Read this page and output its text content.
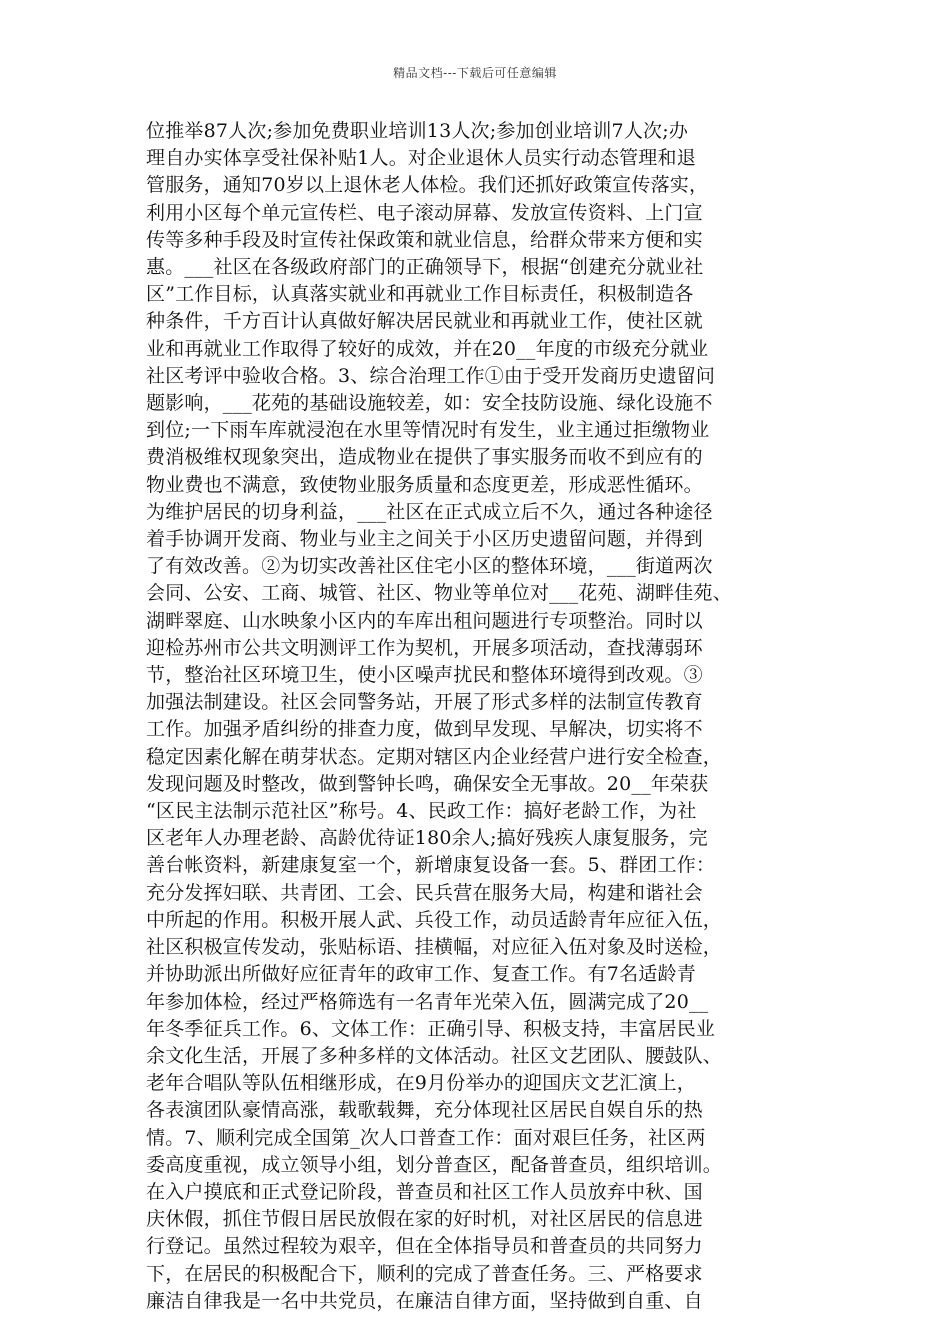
精品文档---下载后可任意编辑
位推举87人次;参加免费职业培训13人次;参加创业培训7人次;办
理自办实体享受社保补贴1人。对企业退休人员实行动态管理和退
管服务，通知70岁以上退休老人体检。我们还抓好政策宣传落实，
利用小区每个单元宣传栏、电子滚动屏幕、发放宣传资料、上门宣
传等多种手段及时宣传社保政策和就业信息，给群众带来方便和实
惠。___社区在各级政府部门的正确领导下，根据“创建充分就业社
区”工作目标，认真落实就业和再就业工作目标责任，积极制造各
种条件，千方百计认真做好解决居民就业和再就业工作，使社区就
业和再就业工作取得了较好的成效，并在20__年度的市级充分就业
社区考评中验收合格。3、综合治理工作①由于受开发商历史遗留问
题影响，___花苑的基础设施较差，如：安全技防设施、绿化设施不
到位;一下雨车库就浸泡在水里等情况时有发生，业主通过拒缴物业
费消极维权现象突出，造成物业在提供了事实服务而收不到应有的
物业费也不满意，致使物业服务质量和态度更差，形成恶性循环。
为维护居民的切身利益，___社区在正式成立后不久，通过各种途径
着手协调开发商、物业与业主之间关于小区历史遗留问题，并得到
了有效改善。②为切实改善社区住宅小区的整体环境，___街道两次
会同、公安、工商、城管、社区、物业等单位对___花苑、湖畔佳苑、
湖畔翠庭、山水映象小区内的车库出租问题进行专项整治。同时以
迎检苏州市公共文明测评工作为契机，开展多项活动，查找薄弱环
节，整治社区环境卫生，使小区噪声扰民和整体环境得到改观。③
加强法制建设。社区会同警务站，开展了形式多样的法制宣传教育
工作。加强矛盾纠纷的排查力度，做到早发现、早解决，切实将不
稳定因素化解在萌芽状态。定期对辖区内企业经营户进行安全检查，
发现问题及时整改，做到警钟长鸣，确保安全无事故。20__年荣获
“区民主法制示范社区”称号。4、民政工作：搞好老龄工作，为社
区老年人办理老龄、高龄优待证180余人;搞好残疾人康复服务，完
善台帐资料，新建康复室一个，新增康复设备一套。5、群团工作：
充分发挥妇联、共青团、工会、民兵营在服务大局，构建和谐社会
中所起的作用。积极开展人武、兵役工作，动员适龄青年应征入伍，
社区积极宣传发动，张贴标语、挂横幅，对应征入伍对象及时送检，
并协助派出所做好应征青年的政审工作、复查工作。有7名适龄青
年参加体检，经过严格筛选有一名青年光荣入伍，圆满完成了20__
年冬季征兵工作。6、文体工作：正确引导、积极支持，丰富居民业
余文化生活，开展了多种多样的文体活动。社区文艺团队、腰鼓队、
老年合唱队等队伍相继形成，在9月份举办的迎国庆文艺汇演上，
各表演团队豪情高涨，载歌载舞，充分体现社区居民自娱自乐的热
情。7、顺利完成全国第_次人口普查工作：面对艰巨任务，社区两
委高度重视，成立领导小组，划分普查区，配备普查员，组织培训。
在入户摸底和正式登记阶段，普查员和社区工作人员放弃中秋、国
庆休假，抓住节假日居民放假在家的好时机，对社区居民的信息进
行登记。虽然过程较为艰辛，但在全体指导员和普查员的共同努力
下，在居民的积极配合下，顺利的完成了普查任务。三、严格要求
廉洁自律我是一名中共党员，在廉洁自律方面，坚持做到自重、自
